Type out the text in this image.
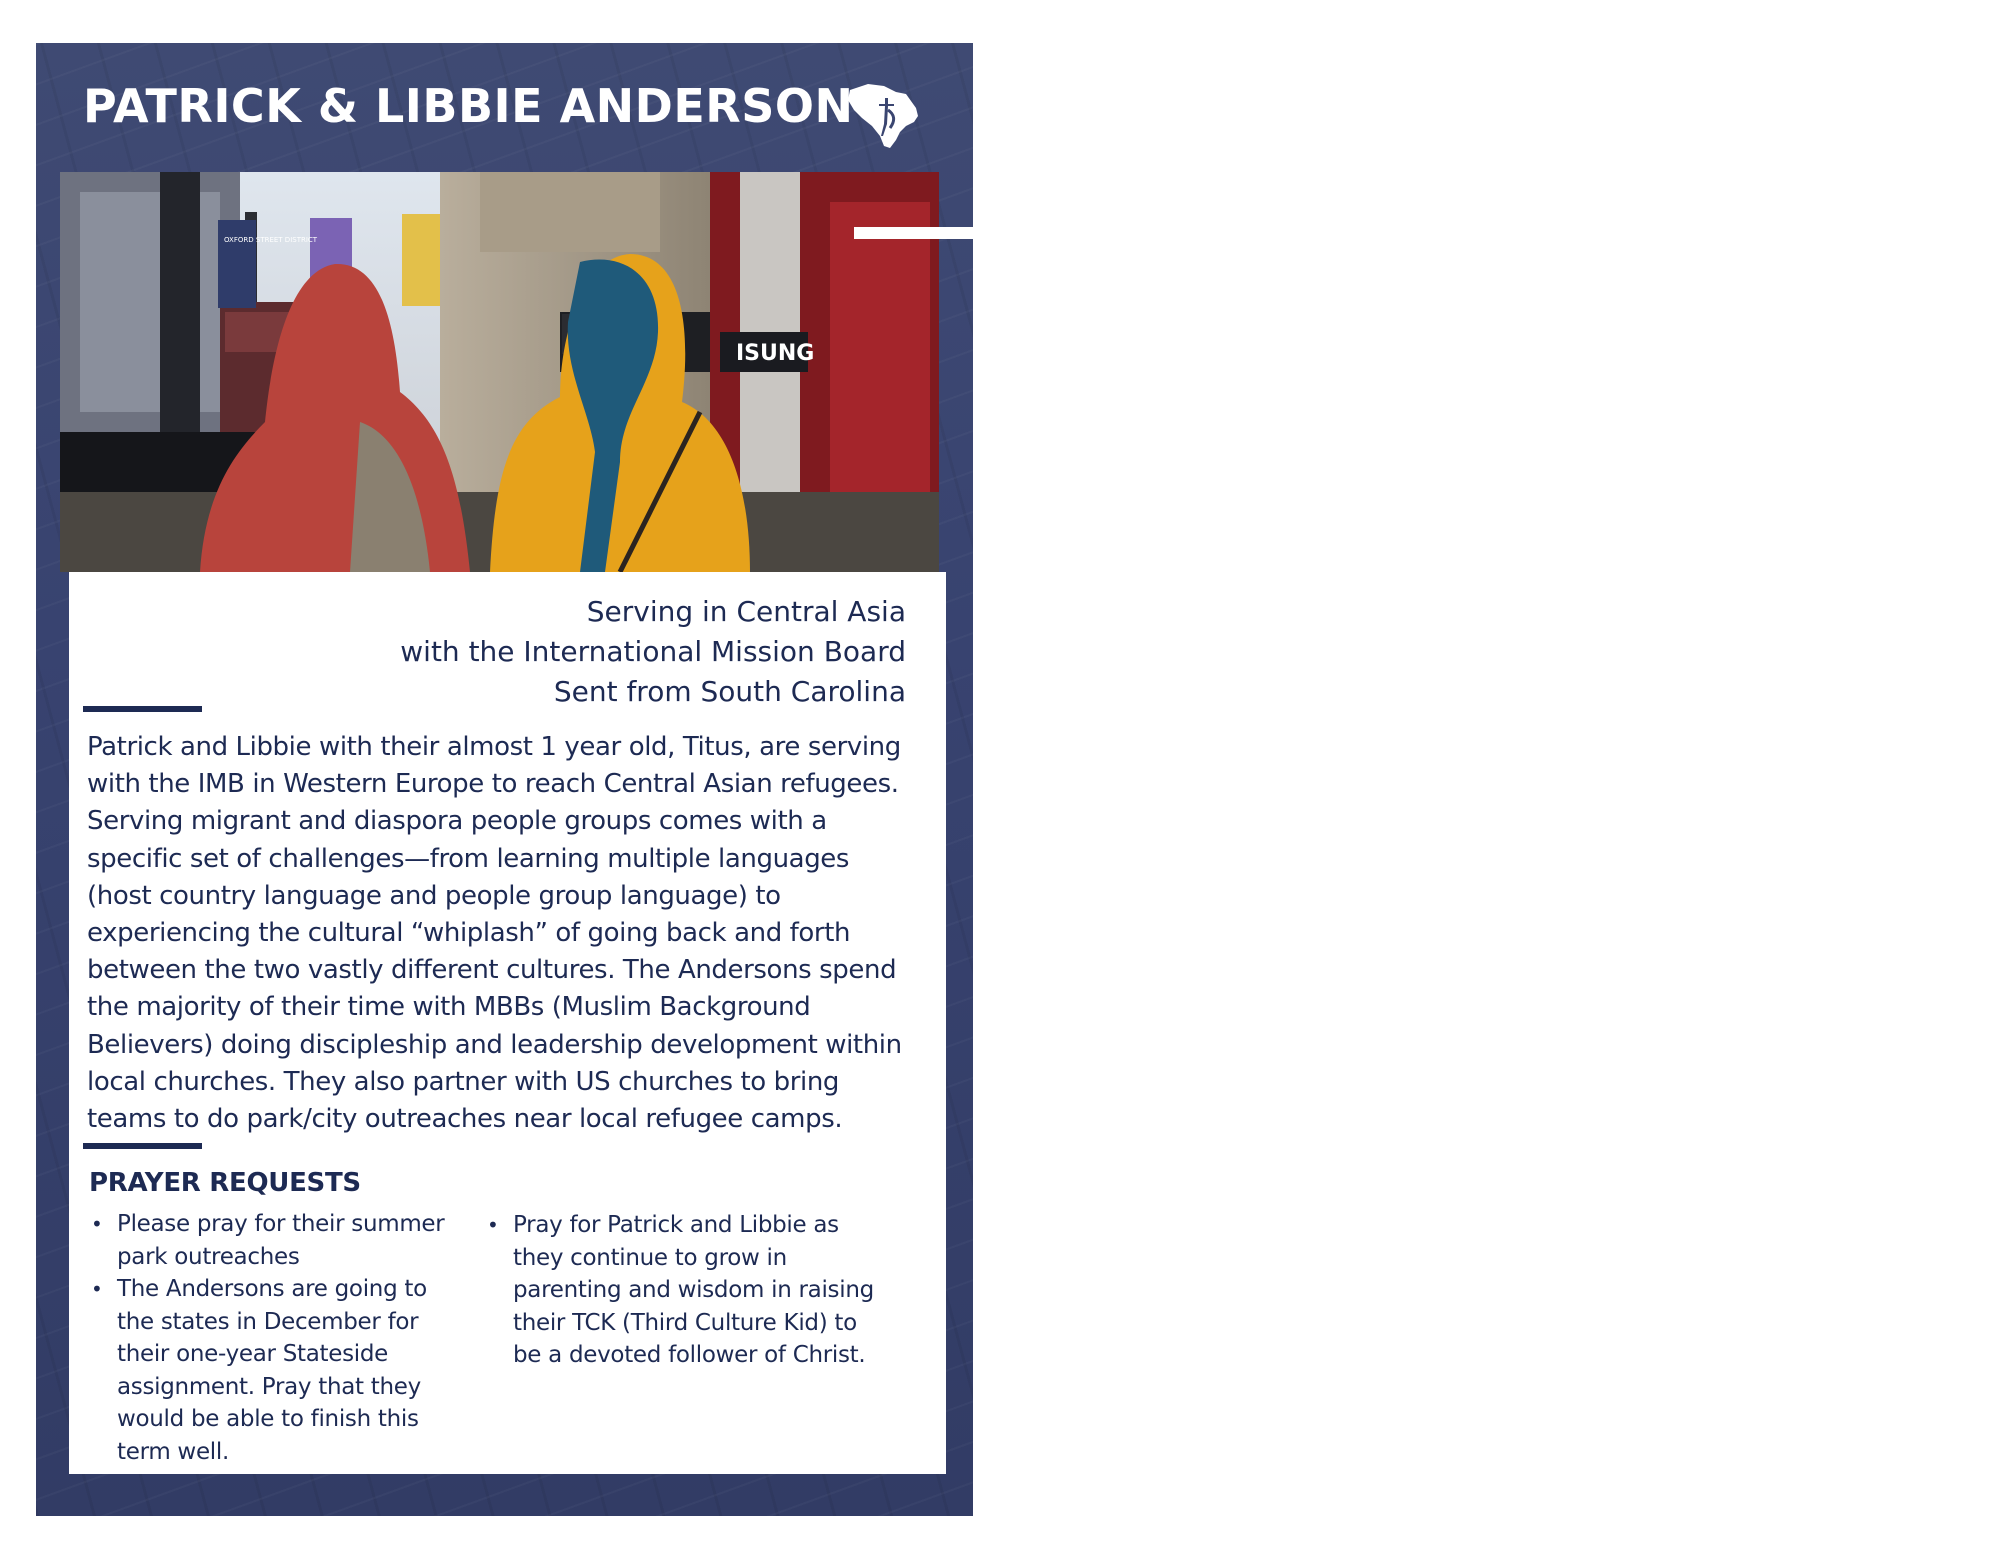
PATRICK & LIBBIE ANDERSON
ISUNG
OXFORD STREET DISTRICT

Serving in Central Asia
with the International Mission Board
Sent from South Carolina

Patrick and Libbie with their almost 1 year old, Titus, are serving
with the IMB in Western Europe to reach Central Asian refugees.
Serving migrant and diaspora people groups comes with a
specific set of challenges—from learning multiple languages
(host country language and people group language) to
experiencing the cultural “whiplash” of going back and forth
between the two vastly different cultures. The Andersons spend
the majority of their time with MBBs (Muslim Background
Believers) doing discipleship and leadership development within
local churches. They also partner with US churches to bring
teams to do park/city outreaches near local refugee camps.

PRAYER REQUESTS
• Please pray for their summer
park outreaches
• The Andersons are going to
the states in December for
their one-year Stateside
assignment. Pray that they
would be able to finish this
term well.
• Pray for Patrick and Libbie as
they continue to grow in
parenting and wisdom in raising
their TCK (Third Culture Kid) to
be a devoted follower of Christ.
